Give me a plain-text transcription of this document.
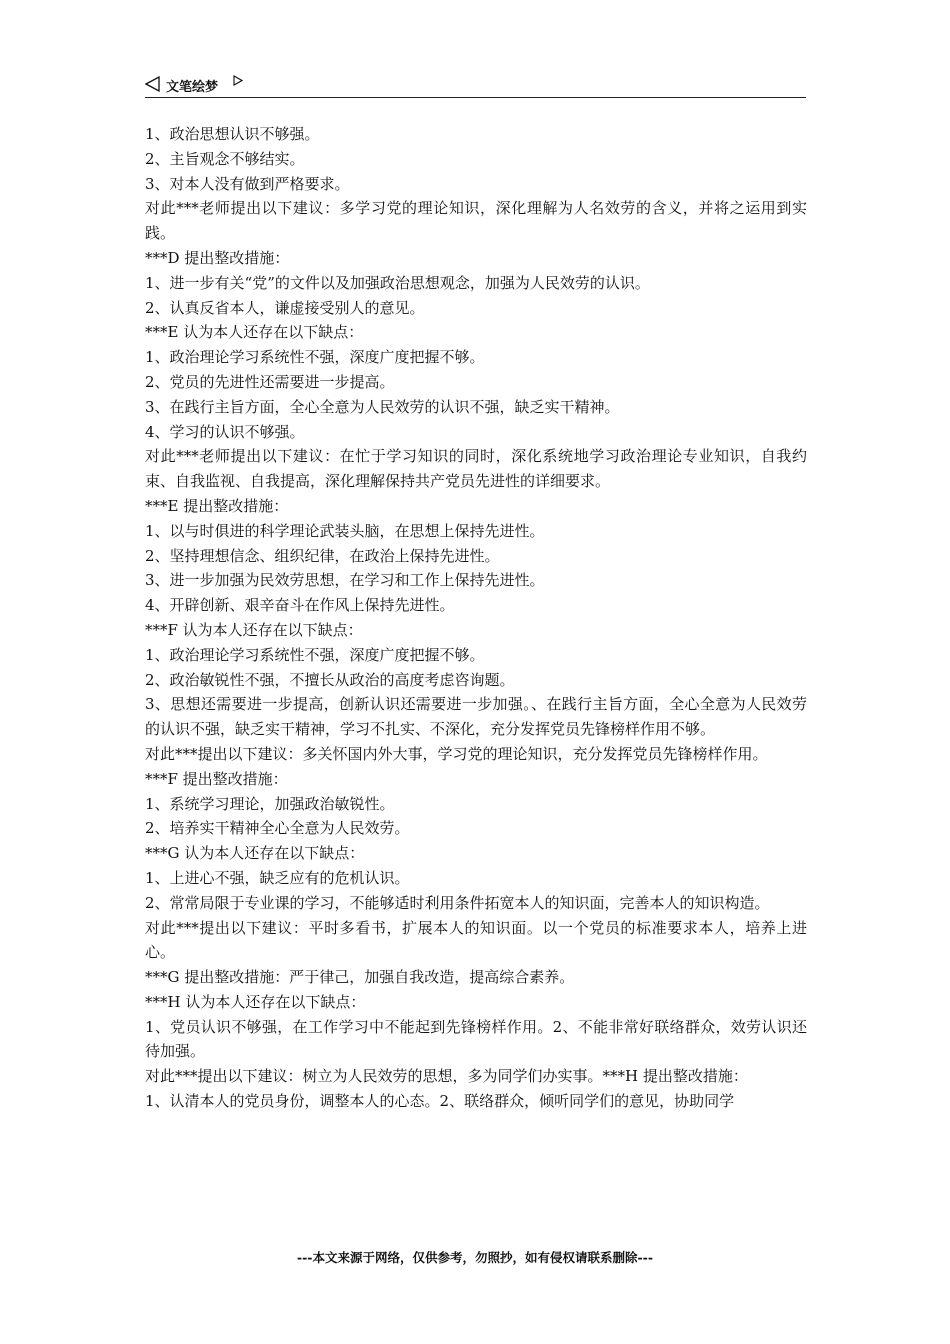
文笔绘梦

1、政治思想认识不够强。

2、主旨观念不够结实。

3、对本人没有做到严格要求。

对此***老师提出以下建议：多学习党的理论知识，深化理解为人名效劳的含义，并将之运用到实践。

***D 提出整改措施：

1、进一步有关“党”的文件以及加强政治思想观念，加强为人民效劳的认识。

2、认真反省本人，谦虚接受别人的意见。

***E 认为本人还存在以下缺点：

1、政治理论学习系统性不强，深度广度把握不够。

2、党员的先进性还需要进一步提高。

3、在践行主旨方面，全心全意为人民效劳的认识不强，缺乏实干精神。

4、学习的认识不够强。

对此***老师提出以下建议：在忙于学习知识的同时，深化系统地学习政治理论专业知识，自我约束、自我监视、自我提高，深化理解保持共产党员先进性的详细要求。

***E 提出整改措施：

1、以与时俱进的科学理论武装头脑，在思想上保持先进性。

2、坚持理想信念、组织纪律，在政治上保持先进性。

3、进一步加强为民效劳思想，在学习和工作上保持先进性。

4、开辟创新、艰辛奋斗在作风上保持先进性。

***F 认为本人还存在以下缺点：

1、政治理论学习系统性不强，深度广度把握不够。

2、政治敏锐性不强，不擅长从政治的高度考虑咨询题。

3、思想还需要进一步提高，创新认识还需要进一步加强。、在践行主旨方面，全心全意为人民效劳的认识不强，缺乏实干精神，学习不扎实、不深化，充分发挥党员先锋榜样作用不够。

对此***提出以下建议：多关怀国内外大事，学习党的理论知识，充分发挥党员先锋榜样作用。

***F 提出整改措施：

1、系统学习理论，加强政治敏锐性。

2、培养实干精神全心全意为人民效劳。

***G 认为本人还存在以下缺点：

1、上进心不强，缺乏应有的危机认识。

2、常常局限于专业课的学习，不能够适时利用条件拓宽本人的知识面，完善本人的知识构造。

对此***提出以下建议：平时多看书，扩展本人的知识面。以一个党员的标准要求本人，培养上进心。

***G 提出整改措施：严于律己，加强自我改造，提高综合素养。

***H 认为本人还存在以下缺点：

1、党员认识不够强，在工作学习中不能起到先锋榜样作用。2、不能非常好联络群众，效劳认识还待加强。

对此***提出以下建议：树立为人民效劳的思想，多为同学们办实事。***H 提出整改措施：

1、认清本人的党员身份，调整本人的心态。2、联络群众，倾听同学们的意见，协助同学

---本文来源于网络，仅供参考，勿照抄，如有侵权请联系删除---
